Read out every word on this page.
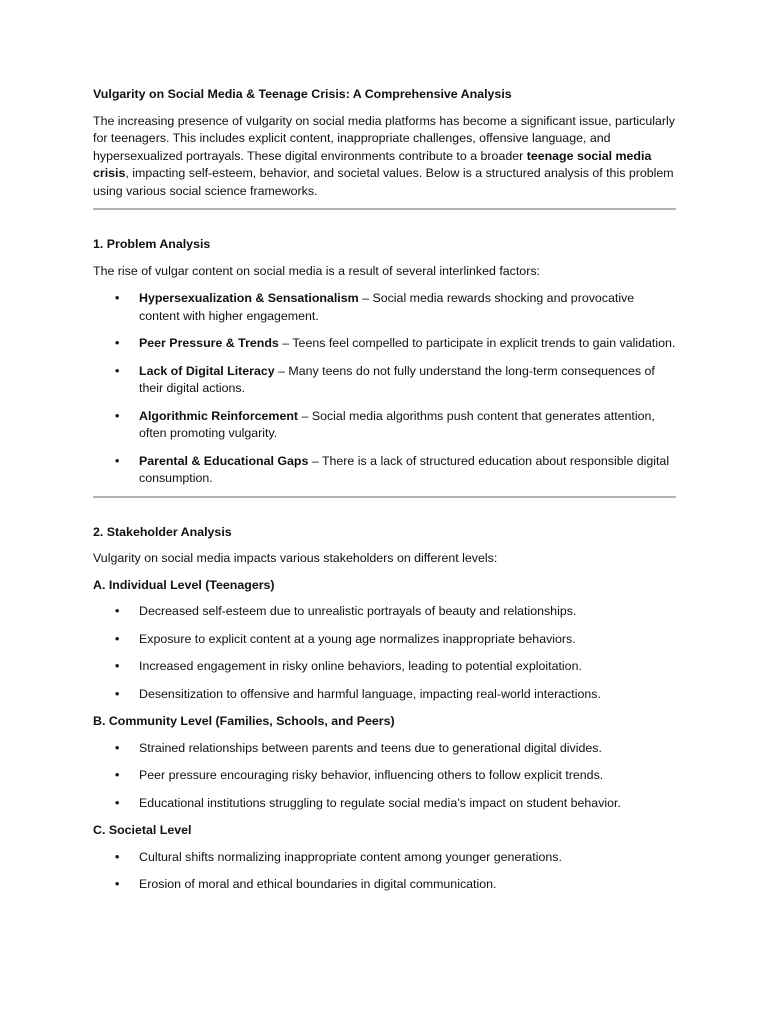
Vulgarity on Social Media & Teenage Crisis: A Comprehensive Analysis

The increasing presence of vulgarity on social media platforms has become a significant issue, particularly for teenagers. This includes explicit content, inappropriate challenges, offensive language, and hypersexualized portrayals. These digital environments contribute to a broader teenage social media crisis, impacting self-esteem, behavior, and societal values. Below is a structured analysis of this problem using various social science frameworks.

1. Problem Analysis

The rise of vulgar content on social media is a result of several interlinked factors:

• Hypersexualization & Sensationalism – Social media rewards shocking and provocative content with higher engagement.
• Peer Pressure & Trends – Teens feel compelled to participate in explicit trends to gain validation.
• Lack of Digital Literacy – Many teens do not fully understand the long-term consequences of their digital actions.
• Algorithmic Reinforcement – Social media algorithms push content that generates attention, often promoting vulgarity.
• Parental & Educational Gaps – There is a lack of structured education about responsible digital consumption.

2. Stakeholder Analysis

Vulgarity on social media impacts various stakeholders on different levels:

A. Individual Level (Teenagers)

• Decreased self-esteem due to unrealistic portrayals of beauty and relationships.
• Exposure to explicit content at a young age normalizes inappropriate behaviors.
• Increased engagement in risky online behaviors, leading to potential exploitation.
• Desensitization to offensive and harmful language, impacting real-world interactions.

B. Community Level (Families, Schools, and Peers)

• Strained relationships between parents and teens due to generational digital divides.
• Peer pressure encouraging risky behavior, influencing others to follow explicit trends.
• Educational institutions struggling to regulate social media’s impact on student behavior.

C. Societal Level

• Cultural shifts normalizing inappropriate content among younger generations.
• Erosion of moral and ethical boundaries in digital communication.
